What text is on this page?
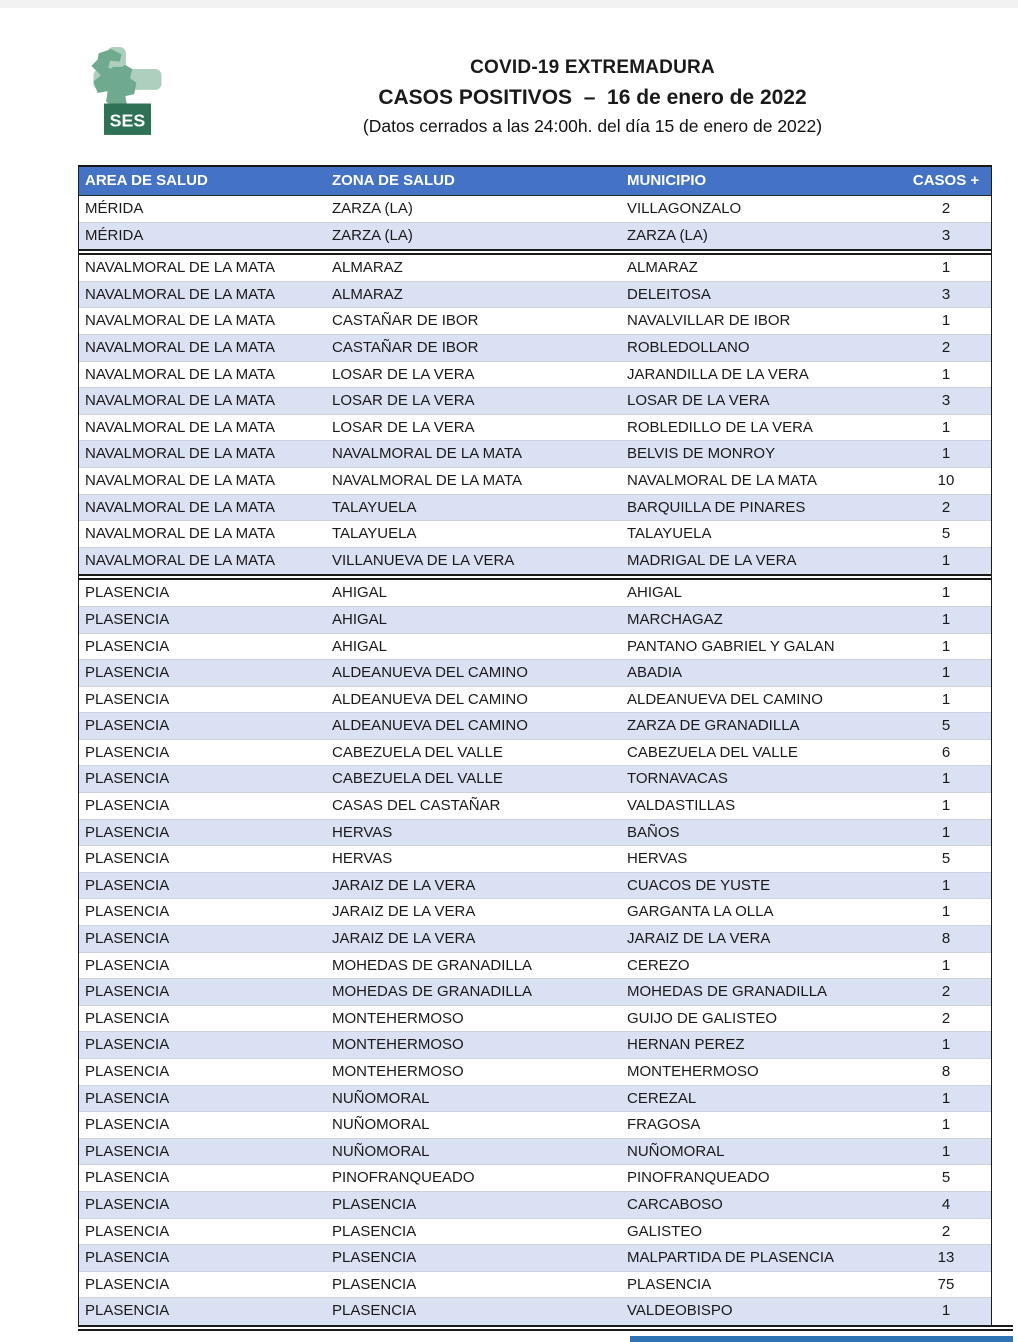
SES
COVID-19 EXTREMADURA
CASOS POSITIVOS  –  16 de enero de 2022
(Datos cerrados a las 24:00h. del día 15 de enero de 2022)
AREA DE SALUD	ZONA DE SALUD	MUNICIPIO	CASOS +
MÉRIDA	ZARZA (LA)	VILLAGONZALO	2
MÉRIDA	ZARZA (LA)	ZARZA (LA)	3
NAVALMORAL DE LA MATA	ALMARAZ	ALMARAZ	1
NAVALMORAL DE LA MATA	ALMARAZ	DELEITOSA	3
NAVALMORAL DE LA MATA	CASTAÑAR DE IBOR	NAVALVILLAR DE IBOR	1
NAVALMORAL DE LA MATA	CASTAÑAR DE IBOR	ROBLEDOLLANO	2
NAVALMORAL DE LA MATA	LOSAR DE LA VERA	JARANDILLA DE LA VERA	1
NAVALMORAL DE LA MATA	LOSAR DE LA VERA	LOSAR DE LA VERA	3
NAVALMORAL DE LA MATA	LOSAR DE LA VERA	ROBLEDILLO DE LA VERA	1
NAVALMORAL DE LA MATA	NAVALMORAL DE LA MATA	BELVIS DE MONROY	1
NAVALMORAL DE LA MATA	NAVALMORAL DE LA MATA	NAVALMORAL DE LA MATA	10
NAVALMORAL DE LA MATA	TALAYUELA	BARQUILLA DE PINARES	2
NAVALMORAL DE LA MATA	TALAYUELA	TALAYUELA	5
NAVALMORAL DE LA MATA	VILLANUEVA DE LA VERA	MADRIGAL DE LA VERA	1
PLASENCIA	AHIGAL	AHIGAL	1
PLASENCIA	AHIGAL	MARCHAGAZ	1
PLASENCIA	AHIGAL	PANTANO GABRIEL Y GALAN	1
PLASENCIA	ALDEANUEVA DEL CAMINO	ABADIA	1
PLASENCIA	ALDEANUEVA DEL CAMINO	ALDEANUEVA DEL CAMINO	1
PLASENCIA	ALDEANUEVA DEL CAMINO	ZARZA DE GRANADILLA	5
PLASENCIA	CABEZUELA DEL VALLE	CABEZUELA DEL VALLE	6
PLASENCIA	CABEZUELA DEL VALLE	TORNAVACAS	1
PLASENCIA	CASAS DEL CASTAÑAR	VALDASTILLAS	1
PLASENCIA	HERVAS	BAÑOS	1
PLASENCIA	HERVAS	HERVAS	5
PLASENCIA	JARAIZ DE LA VERA	CUACOS DE YUSTE	1
PLASENCIA	JARAIZ DE LA VERA	GARGANTA LA OLLA	1
PLASENCIA	JARAIZ DE LA VERA	JARAIZ DE LA VERA	8
PLASENCIA	MOHEDAS DE GRANADILLA	CEREZO	1
PLASENCIA	MOHEDAS DE GRANADILLA	MOHEDAS DE GRANADILLA	2
PLASENCIA	MONTEHERMOSO	GUIJO DE GALISTEO	2
PLASENCIA	MONTEHERMOSO	HERNAN PEREZ	1
PLASENCIA	MONTEHERMOSO	MONTEHERMOSO	8
PLASENCIA	NUÑOMORAL	CEREZAL	1
PLASENCIA	NUÑOMORAL	FRAGOSA	1
PLASENCIA	NUÑOMORAL	NUÑOMORAL	1
PLASENCIA	PINOFRANQUEADO	PINOFRANQUEADO	5
PLASENCIA	PLASENCIA	CARCABOSO	4
PLASENCIA	PLASENCIA	GALISTEO	2
PLASENCIA	PLASENCIA	MALPARTIDA DE PLASENCIA	13
PLASENCIA	PLASENCIA	PLASENCIA	75
PLASENCIA	PLASENCIA	VALDEOBISPO	1
